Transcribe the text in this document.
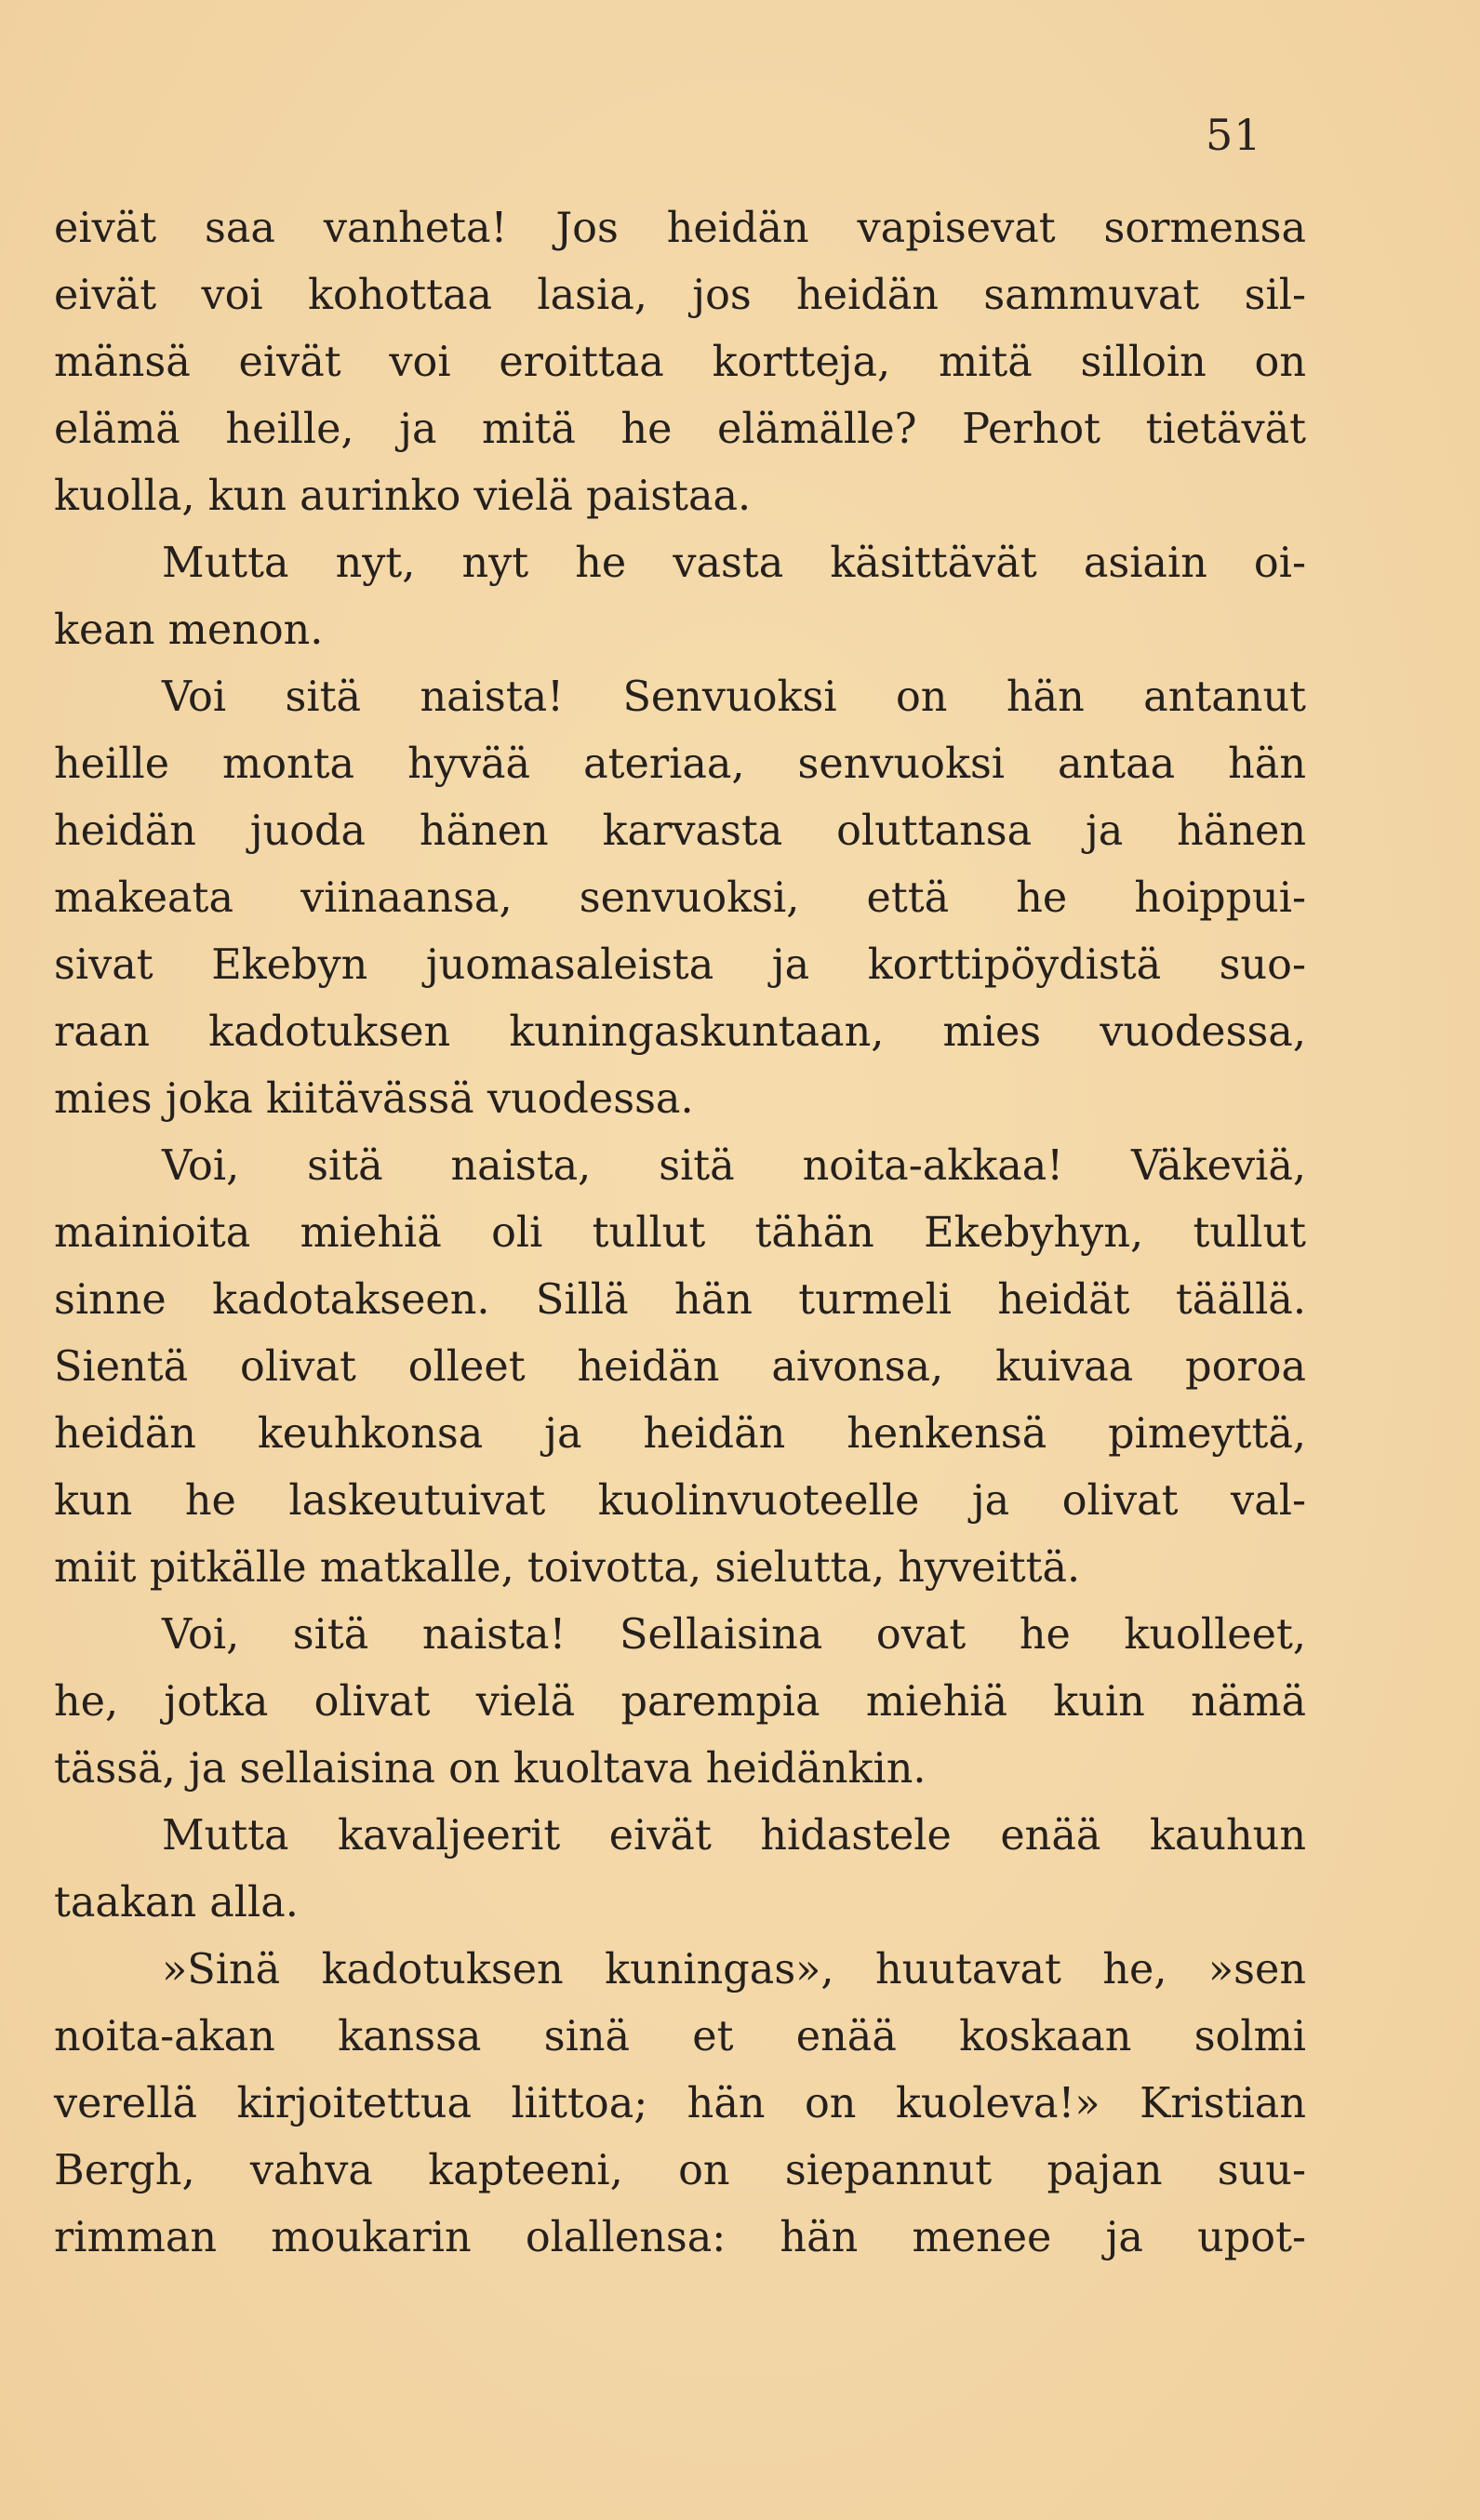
51
eivät saa vanheta! Jos heidän vapisevat sormensa
eivät voi kohottaa lasia, jos heidän sammuvat sil-
mänsä eivät voi eroittaa kortteja, mitä silloin on
elämä heille, ja mitä he elämälle? Perhot tietävät
kuolla, kun aurinko vielä paistaa.
Mutta nyt, nyt he vasta käsittävät asiain oi-
kean menon.
Voi sitä naista! Senvuoksi on hän antanut
heille monta hyvää ateriaa, senvuoksi antaa hän
heidän juoda hänen karvasta oluttansa ja hänen
makeata viinaansa, senvuoksi, että he hoippui-
sivat Ekebyn juomasaleista ja korttipöydistä suo-
raan kadotuksen kuningaskuntaan, mies vuodessa,
mies joka kiitävässä vuodessa.
Voi, sitä naista, sitä noita-akkaa! Väkeviä,
mainioita miehiä oli tullut tähän Ekebyhyn, tullut
sinne kadotakseen. Sillä hän turmeli heidät täällä.
Sientä olivat olleet heidän aivonsa, kuivaa poroa
heidän keuhkonsa ja heidän henkensä pimeyttä,
kun he laskeutuivat kuolinvuoteelle ja olivat val-
miit pitkälle matkalle, toivotta, sielutta, hyveittä.
Voi, sitä naista! Sellaisina ovat he kuolleet,
he, jotka olivat vielä parempia miehiä kuin nämä
tässä, ja sellaisina on kuoltava heidänkin.
Mutta kavaljeerit eivät hidastele enää kauhun
taakan alla.
»Sinä kadotuksen kuningas», huutavat he, »sen
noita-akan kanssa sinä et enää koskaan solmi
verellä kirjoitettua liittoa; hän on kuoleva!» Kristian
Bergh, vahva kapteeni, on siepannut pajan suu-
rimman moukarin olallensa: hän menee ja upot-
